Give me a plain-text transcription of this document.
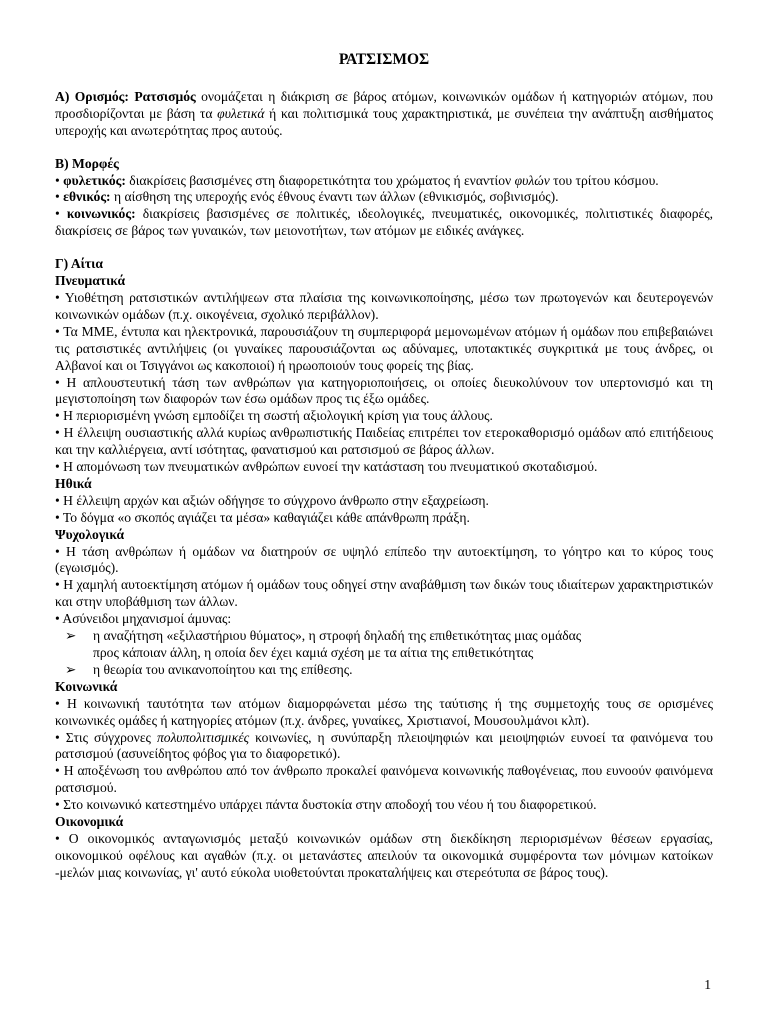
ΡΑΤΣΙΣΜΟΣ

Α) Ορισμός: Ρατσισμός ονομάζεται η διάκριση σε βάρος ατόμων, κοινωνικών ομάδων ή κατηγοριών ατόμων, που προσδιορίζονται με βάση τα φυλετικά ή και πολιτισμικά τους χαρακτηριστικά, με συνέπεια την ανάπτυξη αισθήματος υπεροχής και ανωτερότητας προς αυτούς.

Β) Μορφές
• φυλετικός: διακρίσεις βασισμένες στη διαφορετικότητα του χρώματος ή εναντίον φυλών του τρίτου κόσμου.
• εθνικός: η αίσθηση της υπεροχής ενός έθνους έναντι των άλλων (εθνικισμός, σοβινισμός).
• κοινωνικός: διακρίσεις βασισμένες σε πολιτικές, ιδεολογικές, πνευματικές, οικονομικές, πολιτιστικές διαφορές, διακρίσεις σε βάρος των γυναικών, των μειονοτήτων, των ατόμων με ειδικές ανάγκες.
Γ) Αίτια
Πνευματικά
• Υιοθέτηση ρατσιστικών αντιλήψεων στα πλαίσια της κοινωνικοποίησης, μέσω των πρωτογενών και δευτερογενών κοινωνικών ομάδων (π.χ. οικογένεια, σχολικό περιβάλλον).
• Τα ΜΜΕ, έντυπα και ηλεκτρονικά, παρουσιάζουν τη συμπεριφορά μεμονωμένων ατόμων ή ομάδων που επιβεβαιώνει τις ρατσιστικές αντιλήψεις (οι γυναίκες παρουσιάζονται ως αδύναμες, υποτακτικές συγκριτικά με τους άνδρες, οι Αλβανοί και οι Τσιγγάνοι ως κακοποιοί) ή ηρωοποιούν τους φορείς της βίας.
• Η απλουστευτική τάση των ανθρώπων για κατηγοριοποιήσεις, οι οποίες διευκολύνουν τον υπερτονισμό και τη μεγιστοποίηση των διαφορών των έσω ομάδων προς τις έξω ομάδες.
• Η περιορισμένη γνώση εμποδίζει τη σωστή αξιολογική κρίση για τους άλλους.
• Η έλλειψη ουσιαστικής αλλά κυρίως ανθρωπιστικής Παιδείας επιτρέπει τον ετεροκαθορισμό ομάδων από επιτήδειους και την καλλιέργεια, αντί ισότητας, φανατισμού και ρατσισμού σε βάρος άλλων.
• Η απομόνωση των πνευματικών ανθρώπων ευνοεί την κατάσταση του πνευματικού σκοταδισμού.
Ηθικά
• Η έλλειψη αρχών και αξιών οδήγησε το σύγχρονο άνθρωπο στην εξαχρείωση.
• Το δόγμα «ο σκοπός αγιάζει τα μέσα» καθαγιάζει κάθε απάνθρωπη πράξη.
Ψυχολογικά
• Η τάση ανθρώπων ή ομάδων να διατηρούν σε υψηλό επίπεδο την αυτοεκτίμηση, το γόητρο και το κύρος τους (εγωισμός).
• Η χαμηλή αυτοεκτίμηση ατόμων ή ομάδων τους οδηγεί στην αναβάθμιση των δικών τους ιδιαίτερων χαρακτηριστικών και στην υποβάθμιση των άλλων.
• Ασύνειδοι μηχανισμοί άμυνας:
➢	η αναζήτηση «εξιλαστήριου θύματος», η στροφή δηλαδή της επιθετικότητας μιας ομάδας
προς κάποιαν άλλη, η οποία δεν έχει καμιά σχέση με τα αίτια της επιθετικότητας
➢	η θεωρία του ανικανοποίητου και της επίθεσης.
Κοινωνικά
• Η κοινωνική ταυτότητα των ατόμων διαμορφώνεται μέσω της ταύτισης ή της συμμετοχής τους σε ορισμένες κοινωνικές ομάδες ή κατηγορίες ατόμων (π.χ. άνδρες, γυναίκες, Χριστιανοί, Μουσουλμάνοι κλπ).
• Στις σύγχρονες πολυπολιτισμικές κοινωνίες, η συνύπαρξη πλειοψηφιών και μειοψηφιών ευνοεί τα φαινόμενα του ρατσισμού (ασυνείδητος φόβος για το διαφορετικό).
• Η αποξένωση του ανθρώπου από τον άνθρωπο προκαλεί φαινόμενα κοινωνικής παθογένειας, που ευνοούν φαινόμενα ρατσισμού.
• Στο κοινωνικό κατεστημένο υπάρχει πάντα δυστοκία στην αποδοχή του νέου ή του διαφορετικού.
Οικονομικά
• Ο οικονομικός ανταγωνισμός μεταξύ κοινωνικών ομάδων στη διεκδίκηση περιορισμένων θέσεων εργασίας, οικονομικού οφέλους και αγαθών (π.χ. οι μετανάστες απειλούν τα οικονομικά συμφέροντα των μόνιμων κατοίκων -μελών μιας κοινωνίας, γι' αυτό εύκολα υιοθετούνται προκαταλήψεις και στερεότυπα σε βάρος τους).
1
